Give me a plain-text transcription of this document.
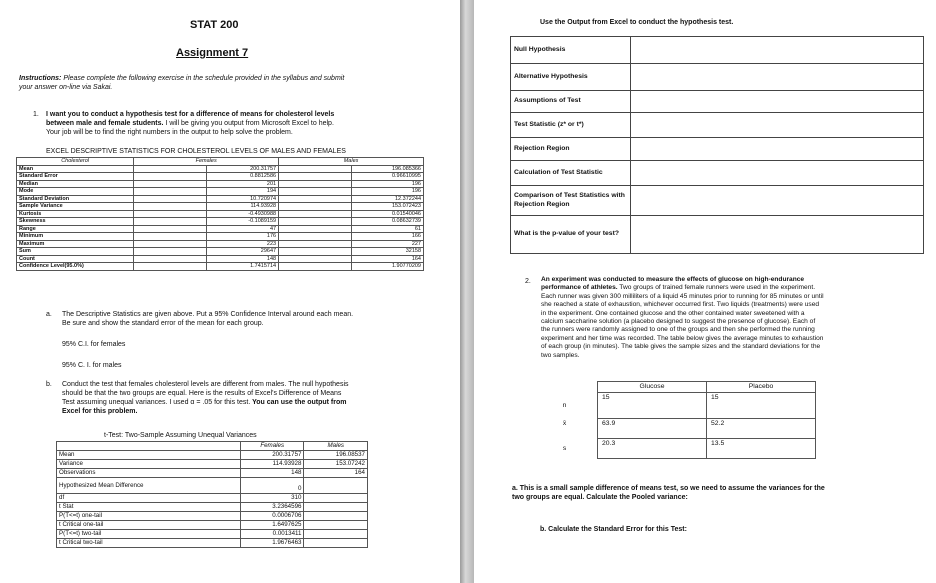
STAT 200
Assignment 7
Instructions: Please complete the following exercise in the schedule provided in the syllabus and submit
your answer on-line via Sakai.
1. I want you to conduct a hypothesis test for a difference of means for cholesterol levels
between male and female students. I will be giving you output from Microsoft Excel to help.
Your job will be to find the right numbers in the output to help solve the problem.
EXCEL DESCRIPTIVE STATISTICS FOR CHOLESTEROL LEVELS OF MALES AND FEMALES
Cholesterol	Females		Males	
Mean		200.31757		196.085366
Standard Error		0.8812586		0.96610995
Median		201		196
Mode		194		196
Standard Deviation		10.720974		12.372244
Sample Variance		114.93928		153.072423
Kurtosis		-0.4930988		0.01540046
Skewness		-0.1089159		0.08632739
Range		47		61
Minimum		176		166
Maximum		223		227
Sum		29647		32158
Count		148		164
Confidence Level(95.0%)		1.7415714		1.90770209
a. The Descriptive Statistics are given above. Put a 95% Confidence Interval around each mean.
Be sure and show the standard error of the mean for each group.
95% C.I. for females
95% C. I. for males
b. Conduct the test that females cholesterol levels are different from males. The null hypothesis
should be that the two groups are equal. Here is the results of Excel's Difference of Means
Test assuming unequal variances. I used α = .05 for this test. You can use the output from
Excel for this problem.
t-Test: Two-Sample Assuming Unequal Variances
	Females	Males
Mean	200.31757	196.08537
Variance	114.93928	153.07242
Observations	148	164
Hypothesized Mean Difference	0	
df	310	
t Stat	3.2364596	
P(T<=t) one-tail	0.0006706	
t Critical one-tail	1.6497625	
P(T<=t) two-tail	0.0013411	
t Critical two-tail	1.9676463	
Use the Output from Excel to conduct the hypothesis test.
Null Hypothesis	
Alternative Hypothesis	
Assumptions of Test	
Test Statistic (z* or t*)	
Rejection Region	
Calculation of Test Statistic	
Comparison of Test Statistics with Rejection Region	
What is the p-value of your test?	
2. An experiment was conducted to measure the effects of glucose on high-endurance
performance of athletes. Two groups of trained female runners were used in the experiment.
Each runner was given 300 milliliters of a liquid 45 minutes prior to running for 85 minutes or until
she reached a state of exhaustion, whichever occurred first. Two liquids (treatments) were used
in the experiment. One contained glucose and the other contained water sweetened with a
calcium saccharine solution (a placebo designed to suggest the presence of glucose). Each of
the runners were randomly assigned to one of the groups and then she performed the running
experiment and her time was recorded. The table below gives the average minutes to exhaustion
of each group (in minutes). The table gives the sample sizes and the standard deviations for the
two samples.
	Glucose	Placebo
n	15	15
x̄	63.9	52.2
s	20.3	13.5
a. This is a small sample difference of means test, so we need to assume the variances for the
two groups are equal. Calculate the Pooled variance:
b. Calculate the Standard Error for this Test:
